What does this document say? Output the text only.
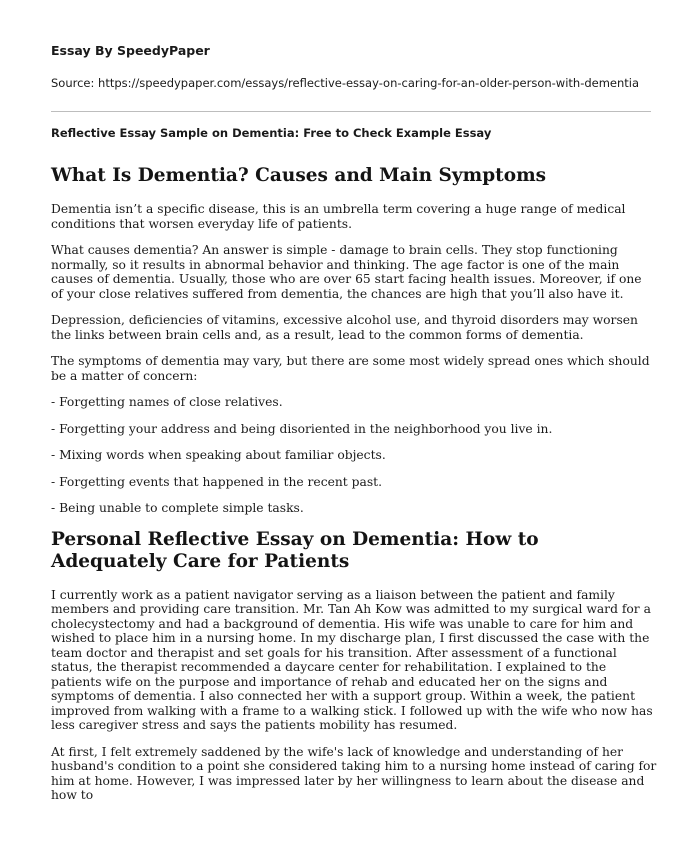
Essay By SpeedyPaper
Source: https://speedypaper.com/essays/reflective-essay-on-caring-for-an-older-person-with-dementia
Reflective Essay Sample on Dementia: Free to Check Example Essay
What Is Dementia? Causes and Main Symptoms

Dementia isn’t a specific disease, this is an umbrella term covering a huge range of medical conditions that worsen everyday life of patients.

What causes dementia? An answer is simple - damage to brain cells. They stop functioning normally, so it results in abnormal behavior and thinking. The age factor is one of the main causes of dementia. Usually, those who are over 65 start facing health issues. Moreover, if one of your close relatives suffered from dementia, the chances are high that you’ll also have it.

Depression, deficiencies of vitamins, excessive alcohol use, and thyroid disorders may worsen the links between brain cells and, as a result, lead to the common forms of dementia.

The symptoms of dementia may vary, but there are some most widely spread ones which should be a matter of concern:

- Forgetting names of close relatives.

- Forgetting your address and being disoriented in the neighborhood you live in.

- Mixing words when speaking about familiar objects.

- Forgetting events that happened in the recent past.

- Being unable to complete simple tasks.

Personal Reflective Essay on Dementia: How to Adequately Care for Patients

I currently work as a patient navigator serving as a liaison between the patient and family members and providing care transition. Mr. Tan Ah Kow was admitted to my surgical ward for a cholecystectomy and had a background of dementia. His wife was unable to care for him and wished to place him in a nursing home. In my discharge plan, I first discussed the case with the team doctor and therapist and set goals for his transition. After assessment of a functional status, the therapist recommended a daycare center for rehabilitation. I explained to the patients wife on the purpose and importance of rehab and educated her on the signs and symptoms of dementia. I also connected her with a support group. Within a week, the patient improved from walking with a frame to a walking stick. I followed up with the wife who now has less caregiver stress and says the patients mobility has resumed.

At first, I felt extremely saddened by the wife's lack of knowledge and understanding of her husband's condition to a point she considered taking him to a nursing home instead of caring for him at home. However, I was impressed later by her willingness to learn about the disease and how to
